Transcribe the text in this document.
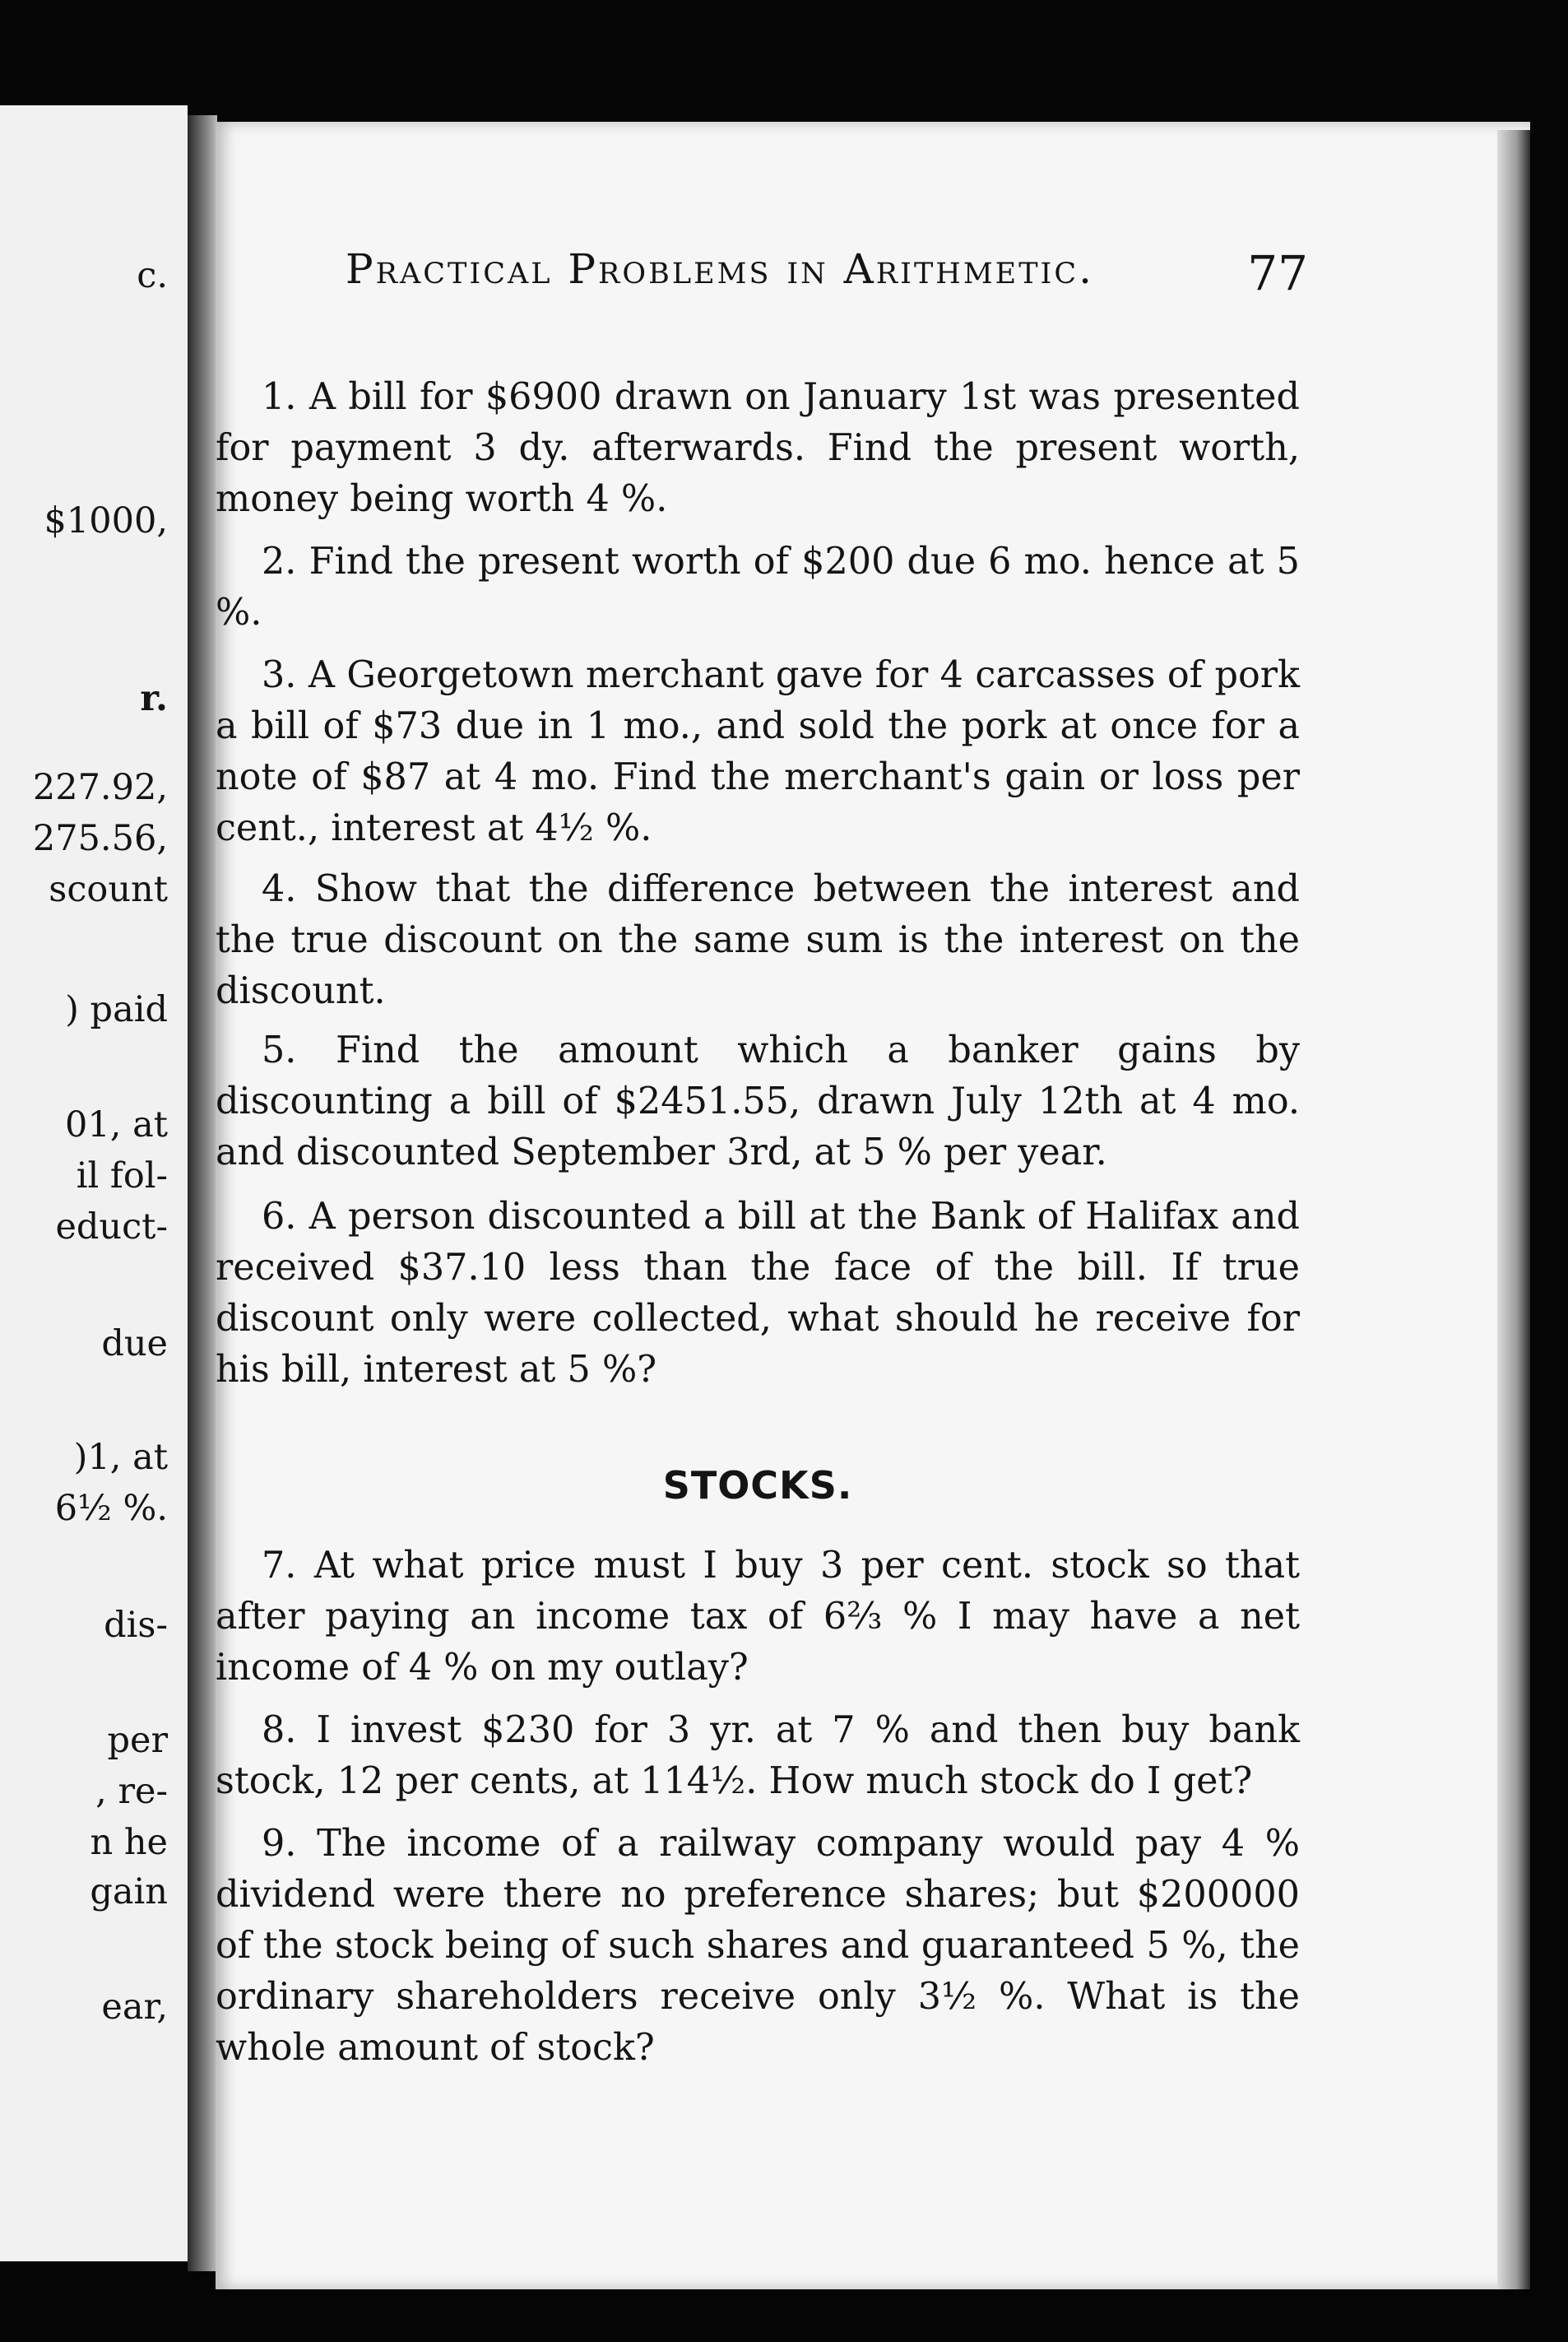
c.
$1000,
r.
227.92,
275.56,
scount
) paid
01, at
il fol-
educt-
due
)1, at
6½ %.
dis-
per
, re-
n he
gain
ear,
Practical Problems in Arithmetic.	77
1. A bill for $6900 drawn on January 1st was presented for payment 3 dy. afterwards. Find the present worth, money being worth 4 %.
2. Find the present worth of $200 due 6 mo. hence at 5 %.
3. A Georgetown merchant gave for 4 carcasses of pork a bill of $73 due in 1 mo., and sold the pork at once for a note of $87 at 4 mo. Find the merchant's gain or loss per cent., interest at 4½ %.
4. Show that the difference between the interest and the true discount on the same sum is the interest on the discount.
5. Find the amount which a banker gains by discounting a bill of $2451.55, drawn July 12th at 4 mo. and discounted September 3rd, at 5 % per year.
6. A person discounted a bill at the Bank of Halifax and received $37.10 less than the face of the bill. If true discount only were collected, what should he receive for his bill, interest at 5 %?
STOCKS.
7. At what price must I buy 3 per cent. stock so that after paying an income tax of 6⅔ % I may have a net income of 4 % on my outlay?
8. I invest $230 for 3 yr. at 7 % and then buy bank stock, 12 per cents, at 114½. How much stock do I get?
9. The income of a railway company would pay 4 % dividend were there no preference shares; but $200000 of the stock being of such shares and guaranteed 5 %, the ordinary shareholders receive only 3½ %. What is the whole amount of stock?
